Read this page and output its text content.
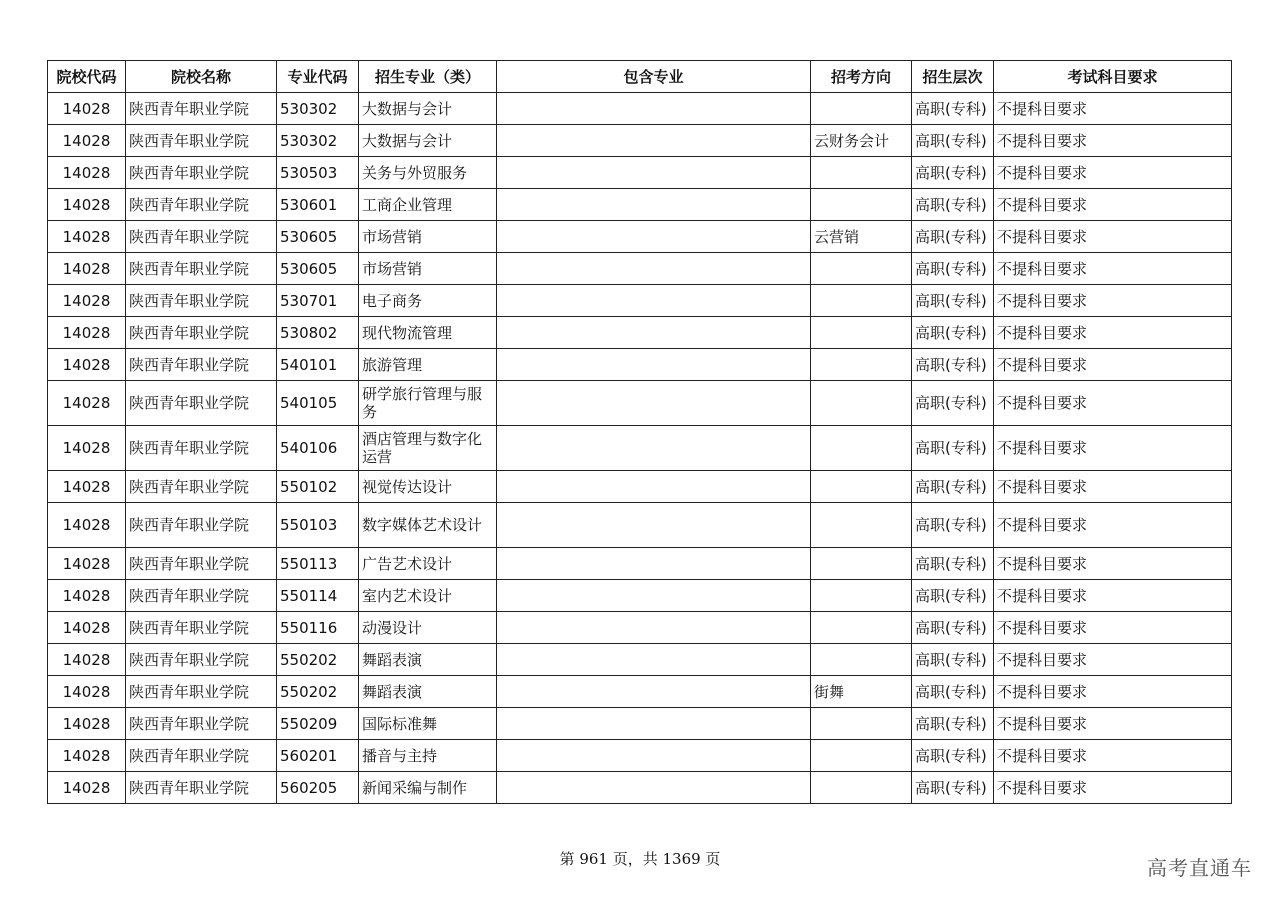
院校代码	院校名称	专业代码	招生专业（类）	包含专业	招考方向	招生层次	考试科目要求
14028	陕西青年职业学院	530302	大数据与会计			高职(专科)	不提科目要求
14028	陕西青年职业学院	530302	大数据与会计		云财务会计	高职(专科)	不提科目要求
14028	陕西青年职业学院	530503	关务与外贸服务			高职(专科)	不提科目要求
14028	陕西青年职业学院	530601	工商企业管理			高职(专科)	不提科目要求
14028	陕西青年职业学院	530605	市场营销		云营销	高职(专科)	不提科目要求
14028	陕西青年职业学院	530605	市场营销			高职(专科)	不提科目要求
14028	陕西青年职业学院	530701	电子商务			高职(专科)	不提科目要求
14028	陕西青年职业学院	530802	现代物流管理			高职(专科)	不提科目要求
14028	陕西青年职业学院	540101	旅游管理			高职(专科)	不提科目要求
14028	陕西青年职业学院	540105	研学旅行管理与服务			高职(专科)	不提科目要求
14028	陕西青年职业学院	540106	酒店管理与数字化运营			高职(专科)	不提科目要求
14028	陕西青年职业学院	550102	视觉传达设计			高职(专科)	不提科目要求
14028	陕西青年职业学院	550103	数字媒体艺术设计			高职(专科)	不提科目要求
14028	陕西青年职业学院	550113	广告艺术设计			高职(专科)	不提科目要求
14028	陕西青年职业学院	550114	室内艺术设计			高职(专科)	不提科目要求
14028	陕西青年职业学院	550116	动漫设计			高职(专科)	不提科目要求
14028	陕西青年职业学院	550202	舞蹈表演			高职(专科)	不提科目要求
14028	陕西青年职业学院	550202	舞蹈表演		街舞	高职(专科)	不提科目要求
14028	陕西青年职业学院	550209	国际标准舞			高职(专科)	不提科目要求
14028	陕西青年职业学院	560201	播音与主持			高职(专科)	不提科目要求
14028	陕西青年职业学院	560205	新闻采编与制作			高职(专科)	不提科目要求
第 961 页，共 1369 页	高考直通车
